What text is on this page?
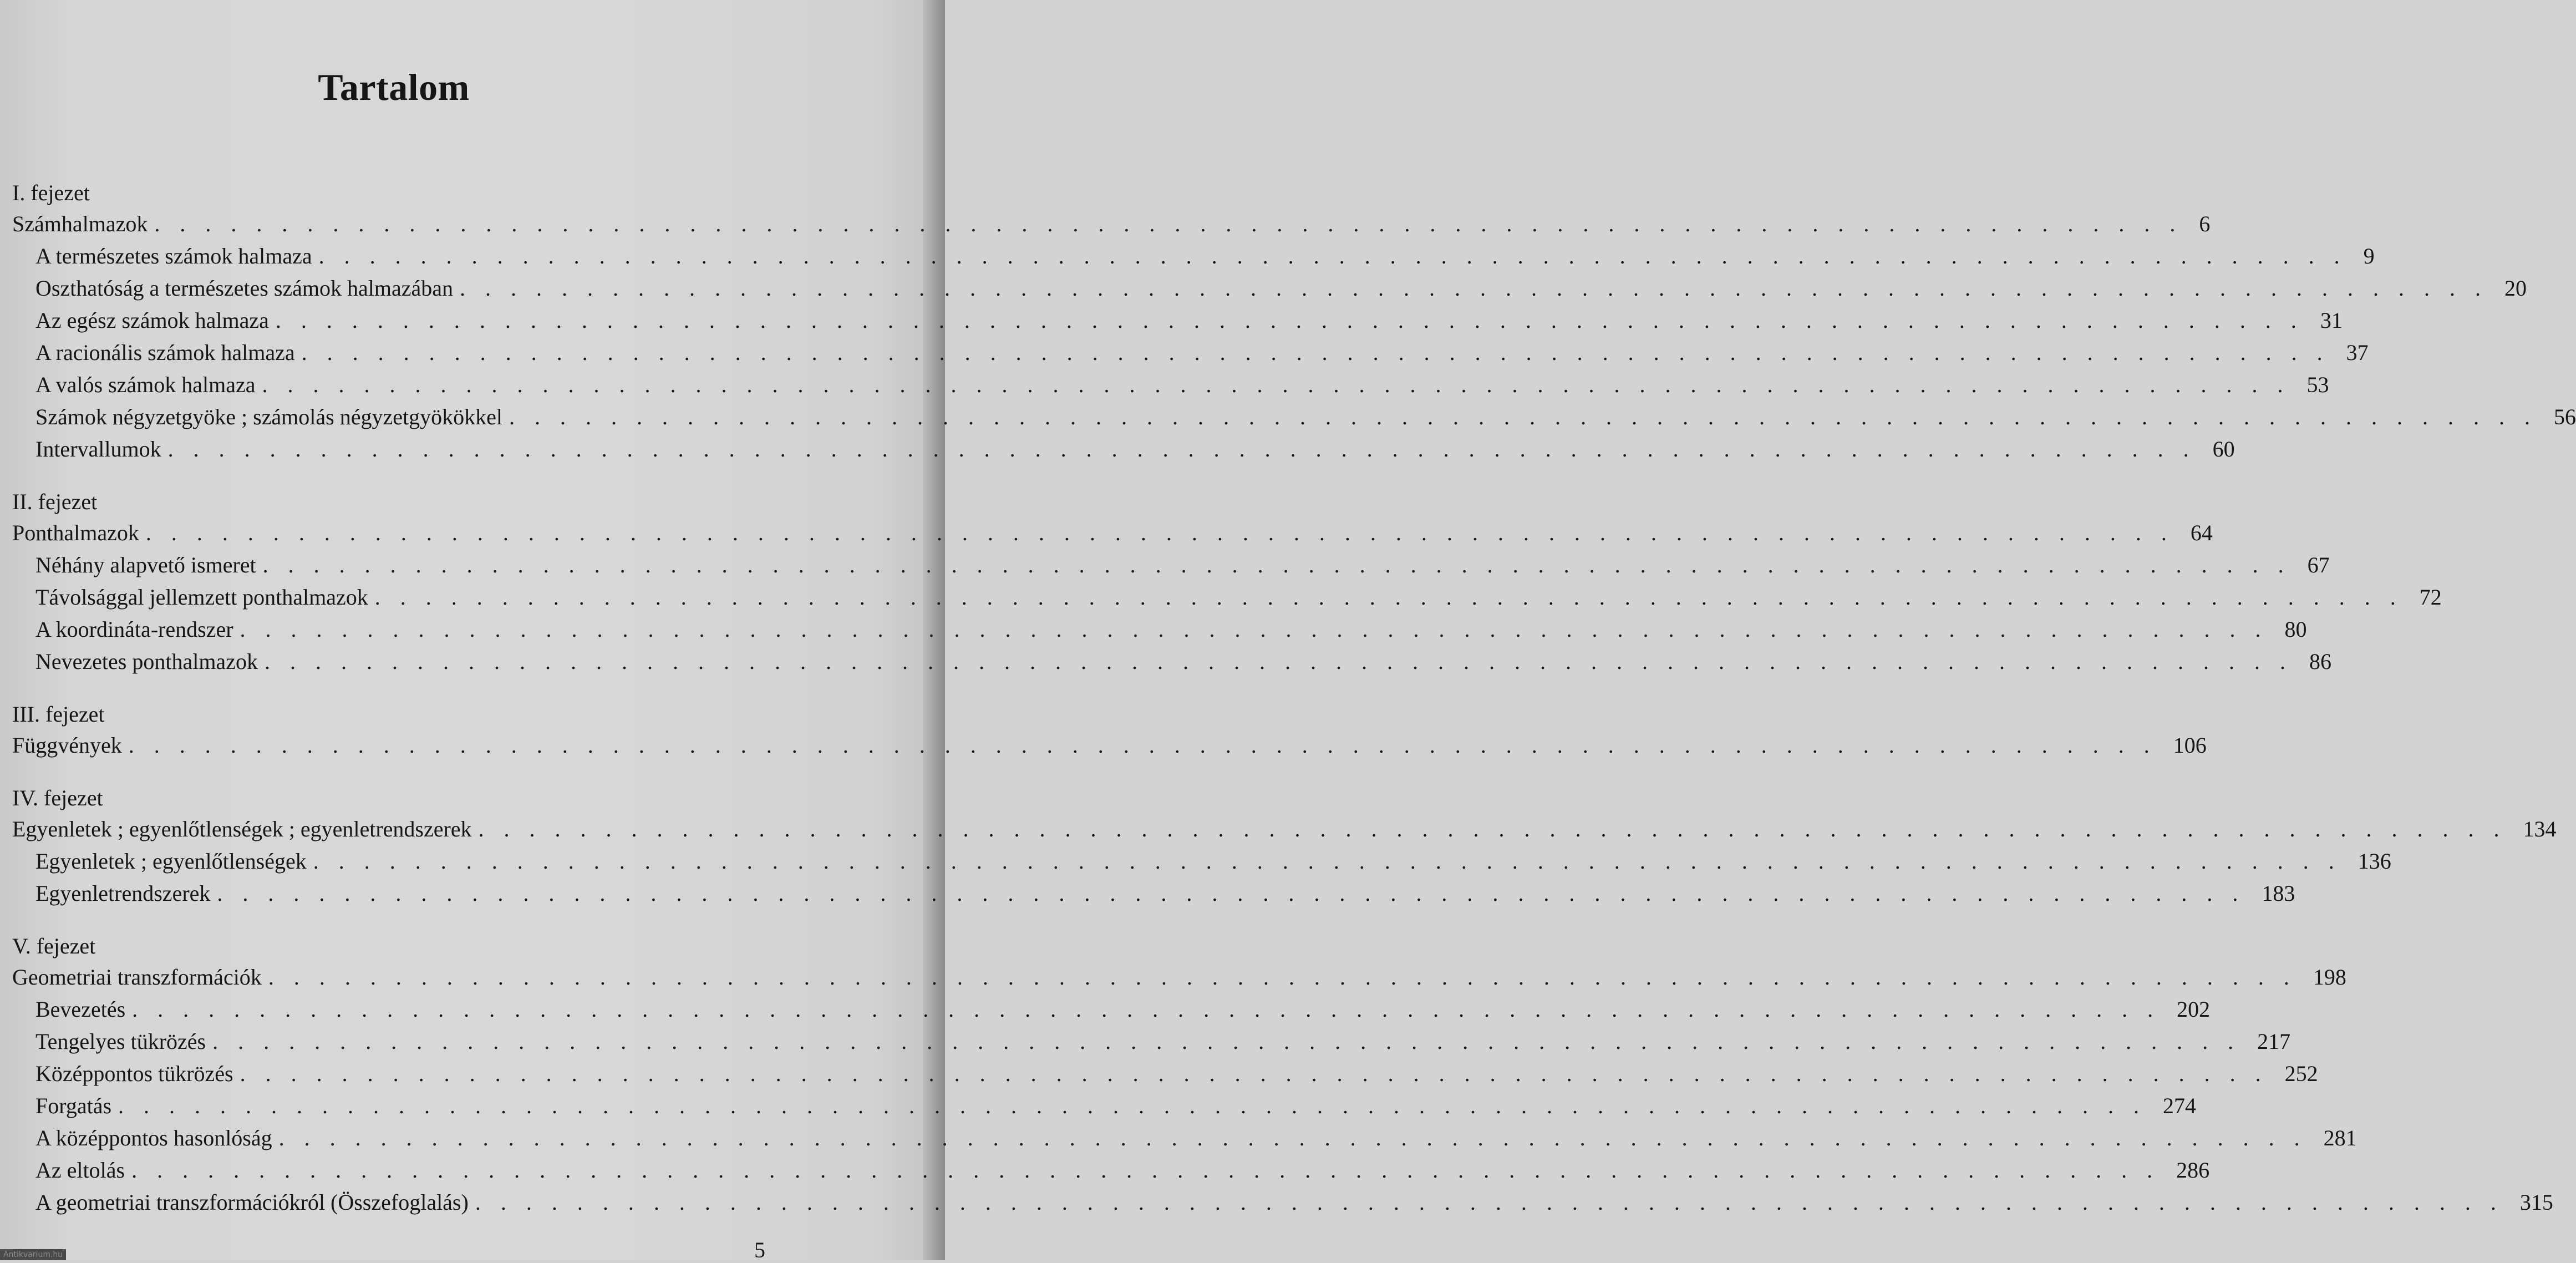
Tartalom
I. fejezet
Számhalmazok . . . . . . . . . . . . . . . . . . . . . . . . . . . . . . . . . . . . . . . . . . . . . . . . . . . . . . . . . . . . . . . . . . . . . . . . . . . . . . . . 6
A természetes számok halmaza . . . . . . . . . . . . . . . . . . . . . . . . . . . . . . . . . . . . . . . . . . . . . . . . . . . . . . . . . . . . . . . . . . . . . . . . . . . . . . . . 9
Oszthatóság a természetes számok halmazában . . . . . . . . . . . . . . . . . . . . . . . . . . . . . . . . . . . . . . . . . . . . . . . . . . . . . . . . . . . . . . . . . . . . . . . . . . . . . . . . 20
Az egész számok halmaza . . . . . . . . . . . . . . . . . . . . . . . . . . . . . . . . . . . . . . . . . . . . . . . . . . . . . . . . . . . . . . . . . . . . . . . . . . . . . . . . 31
A racionális számok halmaza . . . . . . . . . . . . . . . . . . . . . . . . . . . . . . . . . . . . . . . . . . . . . . . . . . . . . . . . . . . . . . . . . . . . . . . . . . . . . . . . 37
A valós számok halmaza . . . . . . . . . . . . . . . . . . . . . . . . . . . . . . . . . . . . . . . . . . . . . . . . . . . . . . . . . . . . . . . . . . . . . . . . . . . . . . . . 53
Számok négyzetgyöke ; számolás négyzetgyökökkel . . . . . . . . . . . . . . . . . . . . . . . . . . . . . . . . . . . . . . . . . . . . . . . . . . . . . . . . . . . . . . . . . . . . . . . . . . . . . . . . 56
Intervallumok . . . . . . . . . . . . . . . . . . . . . . . . . . . . . . . . . . . . . . . . . . . . . . . . . . . . . . . . . . . . . . . . . . . . . . . . . . . . . . . . 60
II. fejezet
Ponthalmazok . . . . . . . . . . . . . . . . . . . . . . . . . . . . . . . . . . . . . . . . . . . . . . . . . . . . . . . . . . . . . . . . . . . . . . . . . . . . . . . . 64
Néhány alapvető ismeret . . . . . . . . . . . . . . . . . . . . . . . . . . . . . . . . . . . . . . . . . . . . . . . . . . . . . . . . . . . . . . . . . . . . . . . . . . . . . . . . 67
Távolsággal jellemzett ponthalmazok . . . . . . . . . . . . . . . . . . . . . . . . . . . . . . . . . . . . . . . . . . . . . . . . . . . . . . . . . . . . . . . . . . . . . . . . . . . . . . . . 72
A koordináta-rendszer . . . . . . . . . . . . . . . . . . . . . . . . . . . . . . . . . . . . . . . . . . . . . . . . . . . . . . . . . . . . . . . . . . . . . . . . . . . . . . . . 80
Nevezetes ponthalmazok . . . . . . . . . . . . . . . . . . . . . . . . . . . . . . . . . . . . . . . . . . . . . . . . . . . . . . . . . . . . . . . . . . . . . . . . . . . . . . . . 86
III. fejezet
Függvények . . . . . . . . . . . . . . . . . . . . . . . . . . . . . . . . . . . . . . . . . . . . . . . . . . . . . . . . . . . . . . . . . . . . . . . . . . . . . . . . 106
IV. fejezet
Egyenletek ; egyenlőtlenségek ; egyenletrendszerek . . . . . . . . . . . . . . . . . . . . . . . . . . . . . . . . . . . . . . . . . . . . . . . . . . . . . . . . . . . . . . . . . . . . . . . . . . . . . . . . 134
Egyenletek ; egyenlőtlenségek . . . . . . . . . . . . . . . . . . . . . . . . . . . . . . . . . . . . . . . . . . . . . . . . . . . . . . . . . . . . . . . . . . . . . . . . . . . . . . . . 136
Egyenletrendszerek . . . . . . . . . . . . . . . . . . . . . . . . . . . . . . . . . . . . . . . . . . . . . . . . . . . . . . . . . . . . . . . . . . . . . . . . . . . . . . . . 183
V. fejezet
Geometriai transzformációk . . . . . . . . . . . . . . . . . . . . . . . . . . . . . . . . . . . . . . . . . . . . . . . . . . . . . . . . . . . . . . . . . . . . . . . . . . . . . . . . 198
Bevezetés . . . . . . . . . . . . . . . . . . . . . . . . . . . . . . . . . . . . . . . . . . . . . . . . . . . . . . . . . . . . . . . . . . . . . . . . . . . . . . . . 202
Tengelyes tükrözés . . . . . . . . . . . . . . . . . . . . . . . . . . . . . . . . . . . . . . . . . . . . . . . . . . . . . . . . . . . . . . . . . . . . . . . . . . . . . . . . 217
Középpontos tükrözés . . . . . . . . . . . . . . . . . . . . . . . . . . . . . . . . . . . . . . . . . . . . . . . . . . . . . . . . . . . . . . . . . . . . . . . . . . . . . . . . 252
Forgatás . . . . . . . . . . . . . . . . . . . . . . . . . . . . . . . . . . . . . . . . . . . . . . . . . . . . . . . . . . . . . . . . . . . . . . . . . . . . . . . . 274
A középpontos hasonlóság . . . . . . . . . . . . . . . . . . . . . . . . . . . . . . . . . . . . . . . . . . . . . . . . . . . . . . . . . . . . . . . . . . . . . . . . . . . . . . . . 281
Az eltolás . . . . . . . . . . . . . . . . . . . . . . . . . . . . . . . . . . . . . . . . . . . . . . . . . . . . . . . . . . . . . . . . . . . . . . . . . . . . . . . . 286
A geometriai transzformációkról (Összefoglalás) . . . . . . . . . . . . . . . . . . . . . . . . . . . . . . . . . . . . . . . . . . . . . . . . . . . . . . . . . . . . . . . . . . . . . . . . . . . . . . . . 315
5
Antikvarium.hu
